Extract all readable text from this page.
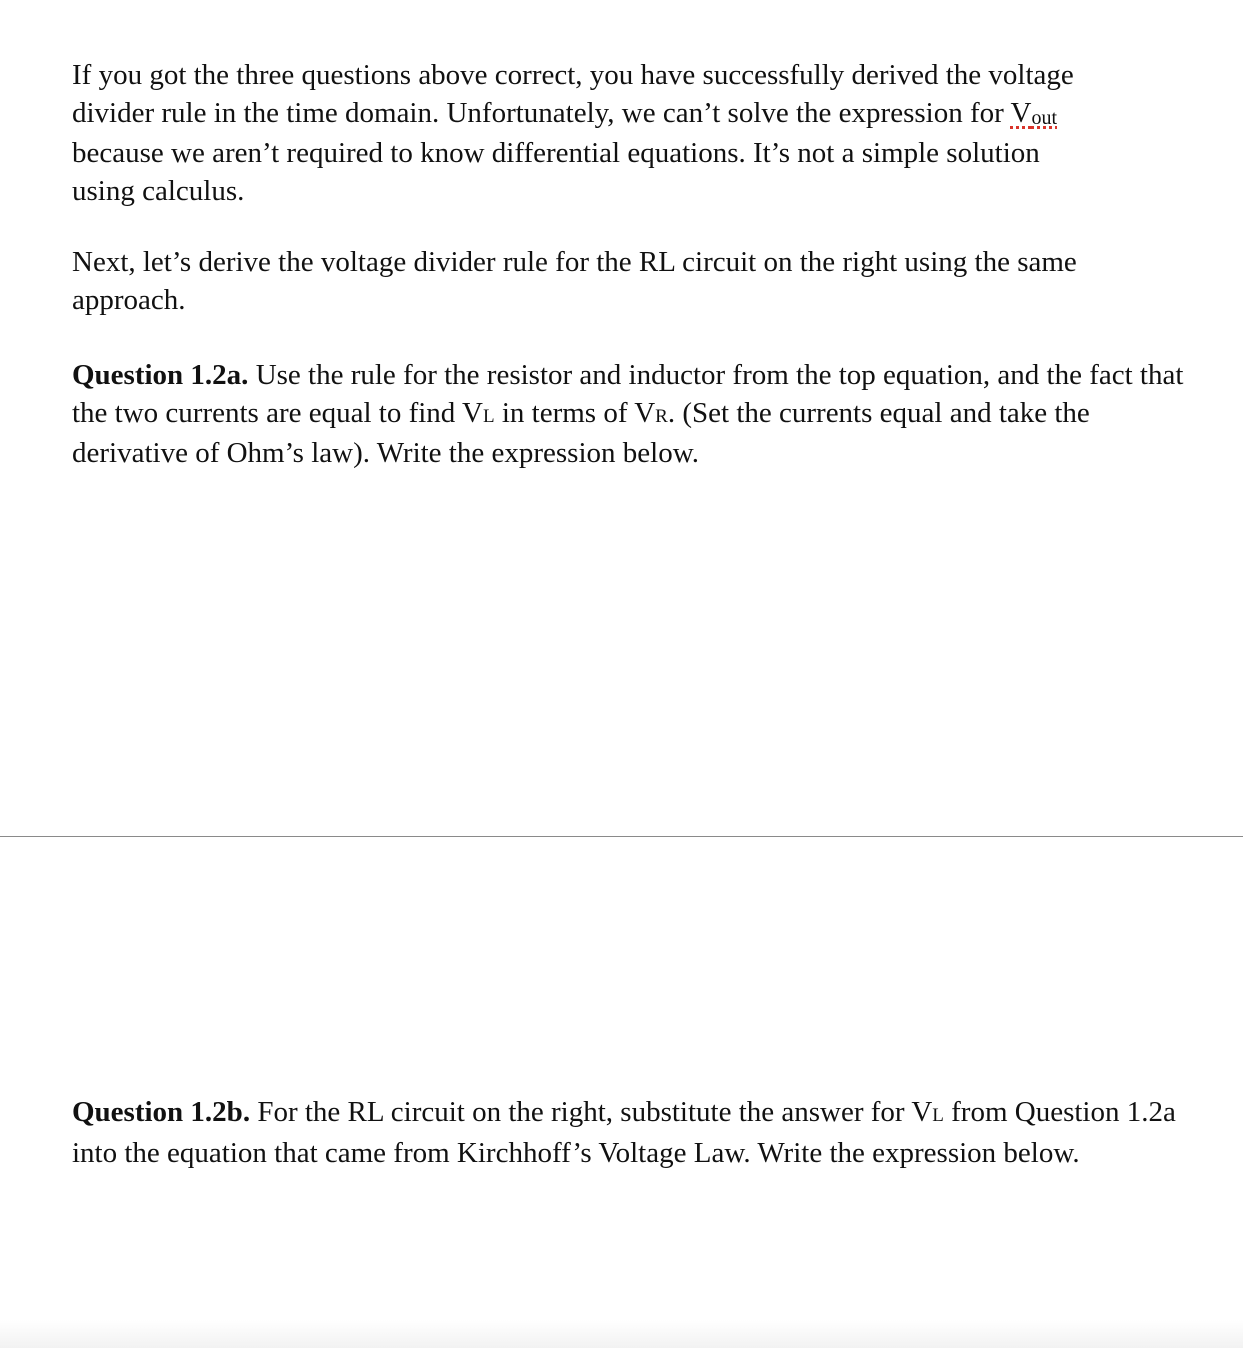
If you got the three questions above correct, you have successfully derived the voltage
divider rule in the time domain. Unfortunately, we can’t solve the expression for Vout
because we aren’t required to know differential equations. It’s not a simple solution
using calculus.

Next, let’s derive the voltage divider rule for the RL circuit on the right using the same approach.

Question 1.2a. Use the rule for the resistor and inductor from the top equation, and the fact that the two currents are equal to find VL in terms of VR. (Set the currents equal and take the derivative of Ohm’s law). Write the expression below.

Question 1.2b. For the RL circuit on the right, substitute the answer for VL from Question 1.2a into the equation that came from Kirchhoff’s Voltage Law. Write the expression below.
